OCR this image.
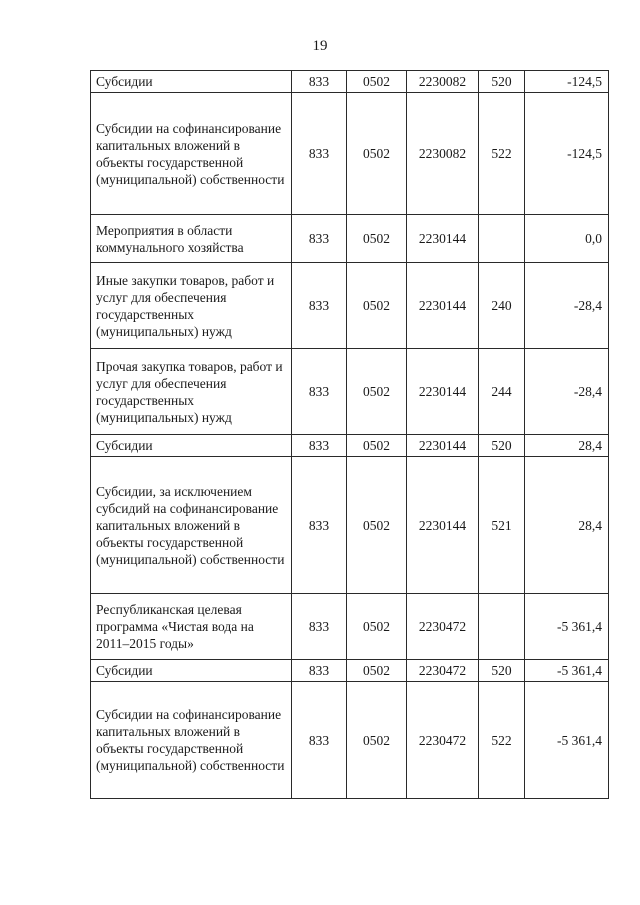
19
Субсидии	833	0502	2230082	520	-124,5
Субсидии на софинансирование капитальных вложений в объекты государственной (муниципальной) собственности	833	0502	2230082	522	-124,5
Мероприятия в области коммунального хозяйства	833	0502	2230144		0,0
Иные закупки товаров, работ и услуг для обеспечения государственных (муниципальных) нужд	833	0502	2230144	240	-28,4
Прочая закупка товаров, работ и услуг для обеспечения государственных (муниципальных) нужд	833	0502	2230144	244	-28,4
Субсидии	833	0502	2230144	520	28,4
Субсидии, за исключением субсидий на софинансирование капитальных вложений в объекты государственной (муниципальной) собственности	833	0502	2230144	521	28,4
Республиканская целевая программа «Чистая вода на 2011–2015 годы»	833	0502	2230472		-5 361,4
Субсидии	833	0502	2230472	520	-5 361,4
Субсидии на софинансирование капитальных вложений в объекты государственной (муниципальной) собственности	833	0502	2230472	522	-5 361,4
